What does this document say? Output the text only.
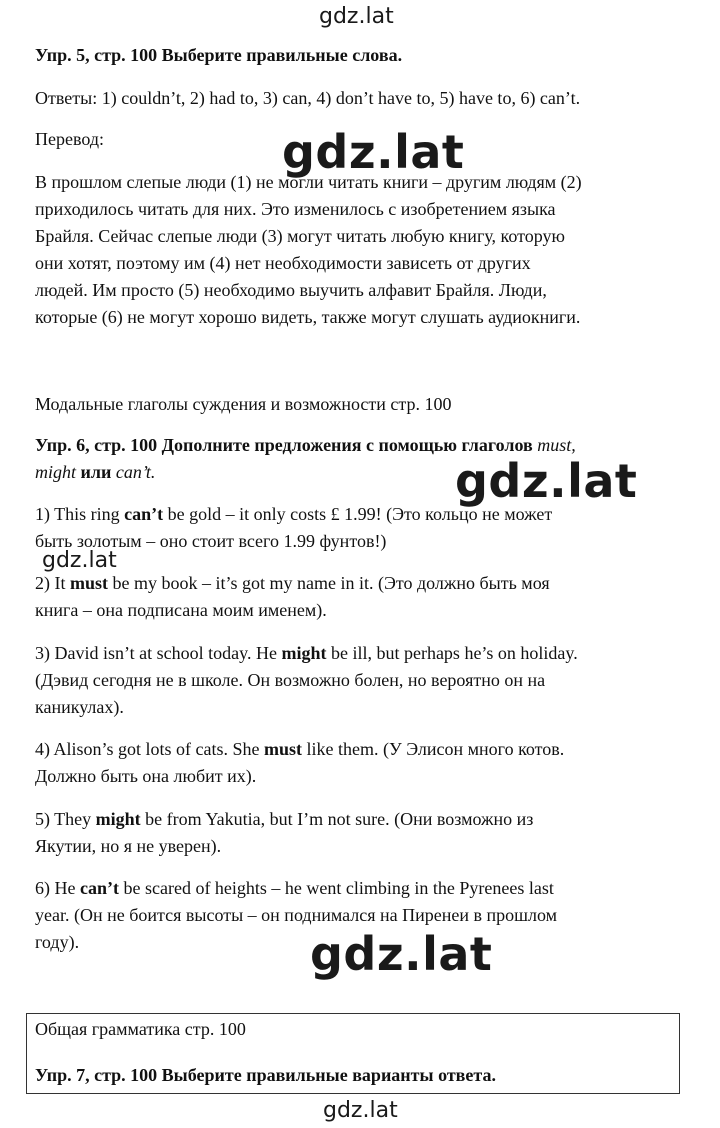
gdz.lat
gdz.lat
gdz.lat
gdz.lat
gdz.lat
gdz.lat

Упр. 5, стр. 100 Выберите правильные слова.

Ответы: 1) couldn’t, 2) had to, 3) can, 4) don’t have to, 5) have to, 6) can’t.

Перевод:

В прошлом слепые люди (1) не могли читать книги – другим людям (2)

приходилось читать для них. Это изменилось с изобретением языка

Брайля. Сейчас слепые люди (3) могут читать любую книгу, которую

они хотят, поэтому им (4) нет необходимости зависеть от других

людей. Им просто (5) необходимо выучить алфавит Брайля. Люди,

которые (6) не могут хорошо видеть, также могут слушать аудиокниги.

Модальные глаголы суждения и возможности стр. 100

Упр. 6, стр. 100 Дополните предложения с помощью глаголов must,

might или can’t.

1) This ring can’t be gold – it only costs £ 1.99! (Это кольцо не может

быть золотым – оно стоит всего 1.99 фунтов!)

2) It must be my book – it’s got my name in it. (Это должно быть моя

книга – она подписана моим именем).

3) David isn’t at school today. He might be ill, but perhaps he’s on holiday.

(Дэвид сегодня не в школе. Он возможно болен, но вероятно он на

каникулах).

4) Alison’s got lots of cats. She must like them. (У Элисон много котов.

Должно быть она любит их).

5) They might be from Yakutia, but I’m not sure. (Они возможно из

Якутии, но я не уверен).

6) He can’t be scared of heights – he went climbing in the Pyrenees last

year. (Он не боится высоты – он поднимался на Пиренеи в прошлом

году).

Общая грамматика стр. 100
Упр. 7, стр. 100 Выберите правильные варианты ответа.
